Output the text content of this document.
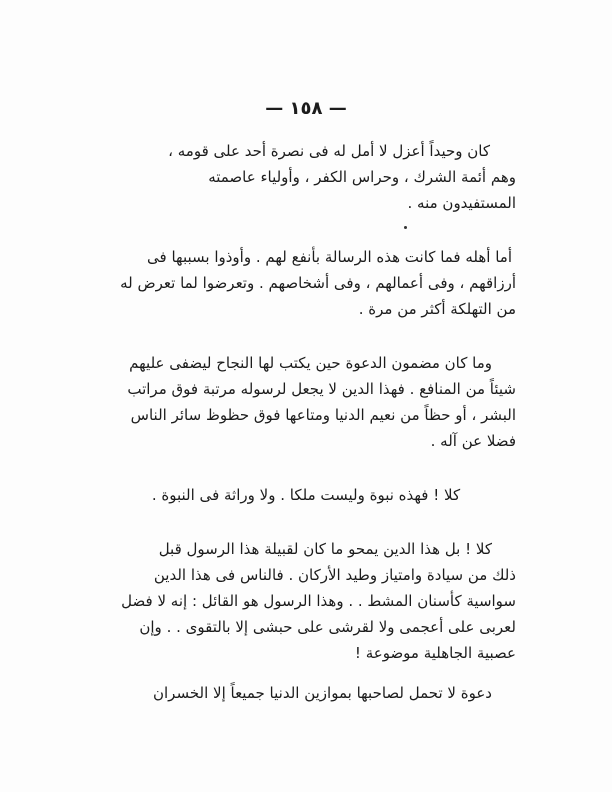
— ١٥٨ —
كان وحيداً أعزل لا أمل له فى نصرة أحد على قومه ،
وهم أئمة الشرك ، وحراس الكفر ، وأولياء عاصمته
المستفيدون منه .
أما أهله فما كانت هذه الرسالة بأنفع لهم . وأوذوا بسببها فى
أرزاقهم ، وفى أعمالهم ، وفى أشخاصهم . وتعرضوا لما تعرض له
من التهلكة أكثر من مرة .
وما كان مضمون الدعوة حين يكتب لها النجاح ليضفى عليهم
شيئاً من المنافع . فهذا الدين لا يجعل لرسوله مرتبة فوق مراتب
البشر ، أو حظاً من نعيم الدنيا ومتاعها فوق حظوظ سائر الناس
فضلا عن آله .
كلا ! فهذه نبوة وليست ملكا . ولا وراثة فى النبوة .
كلا ! بل هذا الدين يمحو ما كان لقبيلة هذا الرسول قبل
ذلك من سيادة وامتياز وطيد الأركان . فالناس فى هذا الدين
سواسية كأسنان المشط . . وهذا الرسول هو القائل : إنه لا فضل
لعربى على أعجمى ولا لقرشى على حبشى إلا بالتقوى . . وإن
عصبية الجاهلية موضوعة !
دعوة لا تحمل لصاحبها بموازين الدنيا جميعاً إلا الخسران
